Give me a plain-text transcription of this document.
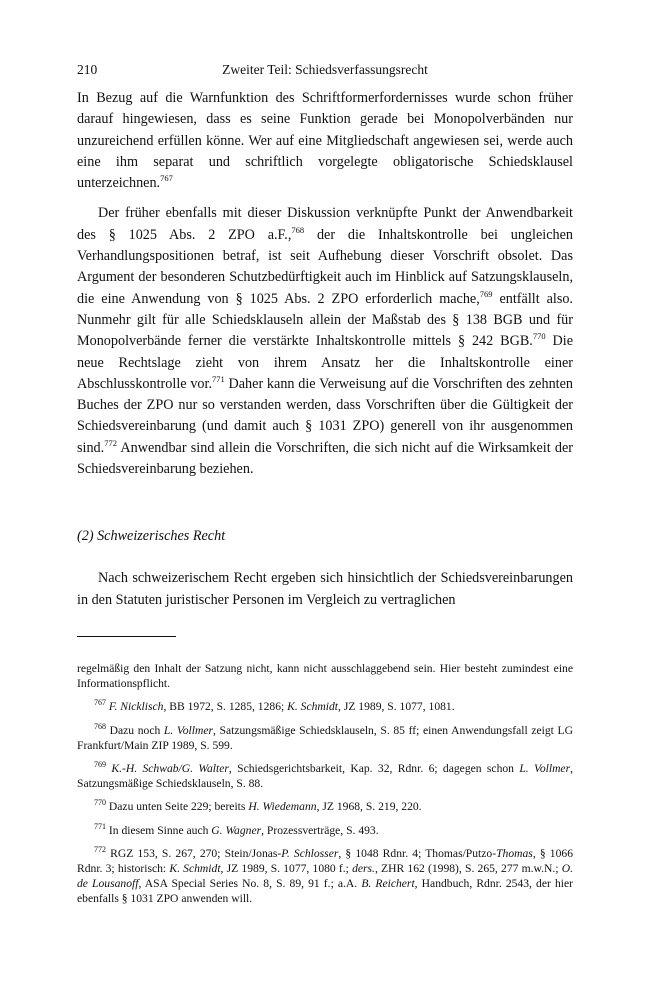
210	Zweiter Teil: Schiedsverfassungsrecht

In Bezug auf die Warnfunktion des Schriftformerfordernisses wurde schon früher darauf hingewiesen, dass es seine Funktion gerade bei Monopolverbänden nur unzureichend erfüllen könne. Wer auf eine Mitgliedschaft angewiesen sei, werde auch eine ihm separat und schriftlich vorgelegte obligatorische Schiedsklausel unterzeichnen.$^{767}$

Der früher ebenfalls mit dieser Diskussion verknüpfte Punkt der Anwendbarkeit des § 1025 Abs. 2 ZPO a.F.,$^{768}$ der die Inhaltskontrolle bei ungleichen Verhandlungspositionen betraf, ist seit Aufhebung dieser Vorschrift obsolet. Das Argument der besonderen Schutzbedürftigkeit auch im Hinblick auf Satzungsklauseln, die eine Anwendung von § 1025 Abs. 2 ZPO erforderlich mache,$^{769}$ entfällt also. Nunmehr gilt für alle Schiedsklauseln allein der Maßstab des § 138 BGB und für Monopolverbände ferner die verstärkte Inhaltskontrolle mittels § 242 BGB.$^{770}$ Die neue Rechtslage zieht von ihrem Ansatz her die Inhaltskontrolle einer Abschlusskontrolle vor.$^{771}$ Daher kann die Verweisung auf die Vorschriften des zehnten Buches der ZPO nur so verstanden werden, dass Vorschriften über die Gültigkeit der Schiedsvereinbarung (und damit auch § 1031 ZPO) generell von ihr ausgenommen sind.$^{772}$ Anwendbar sind allein die Vorschriften, die sich nicht auf die Wirksamkeit der Schiedsvereinbarung beziehen.

(2) Schweizerisches Recht

Nach schweizerischem Recht ergeben sich hinsichtlich der Schiedsvereinbarungen in den Statuten juristischer Personen im Vergleich zu vertraglichen

regelmäßig den Inhalt der Satzung nicht, kann nicht ausschlaggebend sein. Hier besteht zumindest eine Informationspflicht.

$^{767}$ F. Nicklisch, BB 1972, S. 1285, 1286; K. Schmidt, JZ 1989, S. 1077, 1081.

$^{768}$ Dazu noch L. Vollmer, Satzungsmäßige Schiedsklauseln, S. 85 ff; einen Anwendungsfall zeigt LG Frankfurt/Main ZIP 1989, S. 599.

$^{769}$ K.-H. Schwab/G. Walter, Schiedsgerichtsbarkeit, Kap. 32, Rdnr. 6; dagegen schon L. Vollmer, Satzungsmäßige Schiedsklauseln, S. 88.

$^{770}$ Dazu unten Seite 229; bereits H. Wiedemann, JZ 1968, S. 219, 220.

$^{771}$ In diesem Sinne auch G. Wagner, Prozessverträge, S. 493.

$^{772}$ RGZ 153, S. 267, 270; Stein/Jonas-P. Schlosser, § 1048 Rdnr. 4; Thomas/Putzo-Thomas, § 1066 Rdnr. 3; historisch: K. Schmidt, JZ 1989, S. 1077, 1080 f.; ders., ZHR 162 (1998), S. 265, 277 m.w.N.; O. de Lousanoff, ASA Special Series No. 8, S. 89, 91 f.; a.A. B. Reichert, Handbuch, Rdnr. 2543, der hier ebenfalls § 1031 ZPO anwenden will.
